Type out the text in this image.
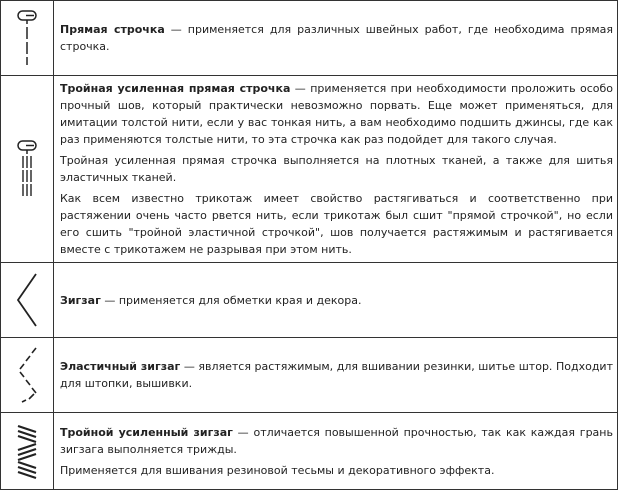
Прямая строчка — применяется для различных швейных работ, где необходима прямая строчка.

Тройная усиленная прямая строчка — применяется при необходимости проложить особо прочный шов, который практически невозможно порвать. Еще может применяться, для имитации толстой нити, если у вас тонкая нить, а вам необходимо подшить джинсы, где как раз применяются толстые нити, то эта строчка как раз подойдет для такого случая.

Тройная усиленная прямая строчка выполняется на плотных тканей, а также для шитья эластичных тканей.

Как всем известно трикотаж имеет свойство растягиваться и соответственно при растяжении очень часто рвется нить, если трикотаж был сшит "прямой строчкой", но если его сшить "тройной эластичной строчкой", шов получается растяжимым и растягивается вместе с трикотажем не разрывая при этом нить.

Зигзаг — применяется для обметки края и декора.

Эластичный зигзаг — является растяжимым, для вшивании резинки, шитье штор. Подходит для штопки, вышивки.

Тройной усиленный зигзаг — отличается повышенной прочностью, так как каждая грань зигзага выполняется трижды.

Применяется для вшивания резиновой тесьмы и декоративного эффекта.
